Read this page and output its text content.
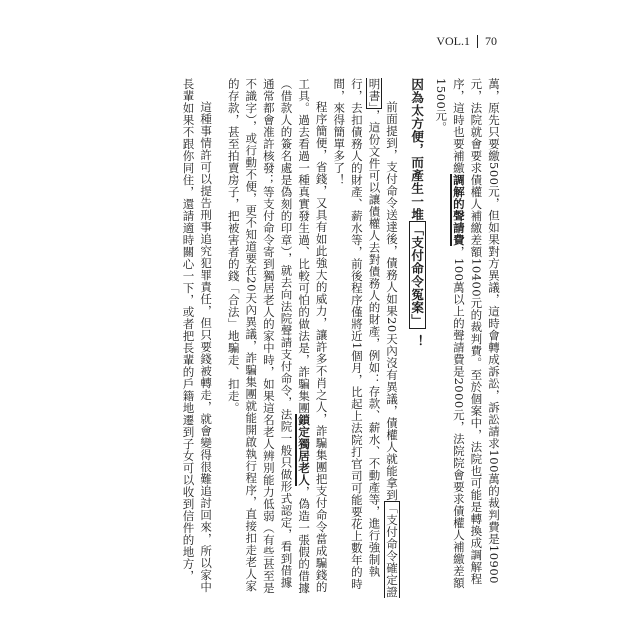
VOL.1 70

萬，原先只要繳500元，但如果對方異議，這時會轉成訴訟，訴訟請求100萬的裁判費是10900元，法院就會要求債權人補繳差額10400元的裁判費。至於個案中，法院也可能是轉換成調解程序，這時也要補繳調解的聲請費，100萬以上的聲請費是2000元，法院院會要求債權人補繳差額1500元。

因為太方便，而產生一堆「支付命令冤案」！

前面提到，支付命令送達後，債務人如果20天內沒有異議，債權人就能拿到「支付命令確定證明書」，這份文件可以讓債權人去對債務人的財產，例如：存款、薪水、不動產等，進行強制執行，去扣債務人的財產、薪水等，前後程序僅將近1個月，比起上法院打官司可能要花上數年的時間，來得簡單多了！

程序簡便，省錢，又具有如此強大的威力，讓許多不肖之人，詐騙集團把支付命令當成騙錢的工具。過去看過一種真實發生過、比較可怕的做法是，詐騙集團鎖定獨居老人，偽造一張假的借據（借款人的簽名處是偽刻的印章），就去向法院聲請支付命令，法院一般只做形式認定，看到借據通常都會准許核發；等支付命令寄到獨居老人的家中時，如果這名老人辨別能力低弱（有些甚至是不識字），或行動不便，更不知道要在20天內異議，詐騙集團就能開啟執行程序，直接扣走老人家的存款，甚至拍賣房子，把被害者的錢「合法」地騙走、扣走。

這種事情許可以提告刑事追究犯罪責任，但只要錢被轉走，就會變得很難追討回來，所以家中長輩如果不跟你同住，還請適時關心一下，或者把長輩的戶籍地遷到子女可以收到信件的地方，
